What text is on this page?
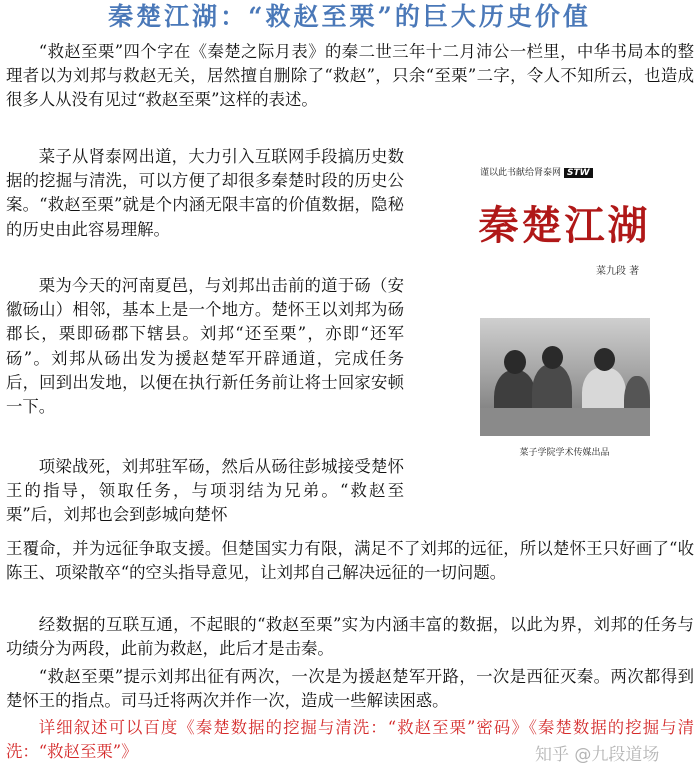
秦楚江湖：“救赵至栗”的巨大历史价值

“救赵至栗”四个字在《秦楚之际月表》的秦二世三年十二月沛公一栏里，中华书局本的整理者以为刘邦与救赵无关，居然擅自删除了“救赵”，只余“至栗”二字，令人不知所云，也造成很多人从没有见过“救赵至栗”这样的表述。

菜子从肾泰网出道，大力引入互联网手段搞历史数据的挖掘与清洗，可以方便了却很多秦楚时段的历史公案。“救赵至栗”就是个内涵无限丰富的价值数据，隐秘的历史由此容易理解。

栗为今天的河南夏邑，与刘邦出击前的道于砀（安徽砀山）相邻，基本上是一个地方。楚怀王以刘邦为砀郡长，栗即砀郡下辖县。刘邦“还至栗”，亦即“还军砀”。刘邦从砀出发为援赵楚军开辟通道，完成任务后，回到出发地，以便在执行新任务前让将士回家安顿一下。

项梁战死，刘邦驻军砀，然后从砀往彭城接受楚怀王的指导，领取任务，与项羽结为兄弟。“救赵至栗”后，刘邦也会到彭城向楚怀

王覆命，并为远征争取支援。但楚国实力有限，满足不了刘邦的远征，所以楚怀王只好画了“收陈王、项梁散卒“的空头指导意见，让刘邦自己解决远征的一切问题。

经数据的互联互通，不起眼的“救赵至栗”实为内涵丰富的数据，以此为界，刘邦的任务与功绩分为两段，此前为救赵，此后才是击秦。

“救赵至栗”提示刘邦出征有两次，一次是为援赵楚军开路，一次是西征灭秦。两次都得到楚怀王的指点。司马迁将两次并作一次，造成一些解读困惑。

详细叙述可以百度《秦楚数据的挖掘与清洗：“救赵至栗”密码》《秦楚数据的挖掘与清洗：“救赵至栗”》

谨以此书献给肾泰网 STW
秦楚江湖
菜九段 著
菜子学院学术传媒出品
知乎 @九段道场
